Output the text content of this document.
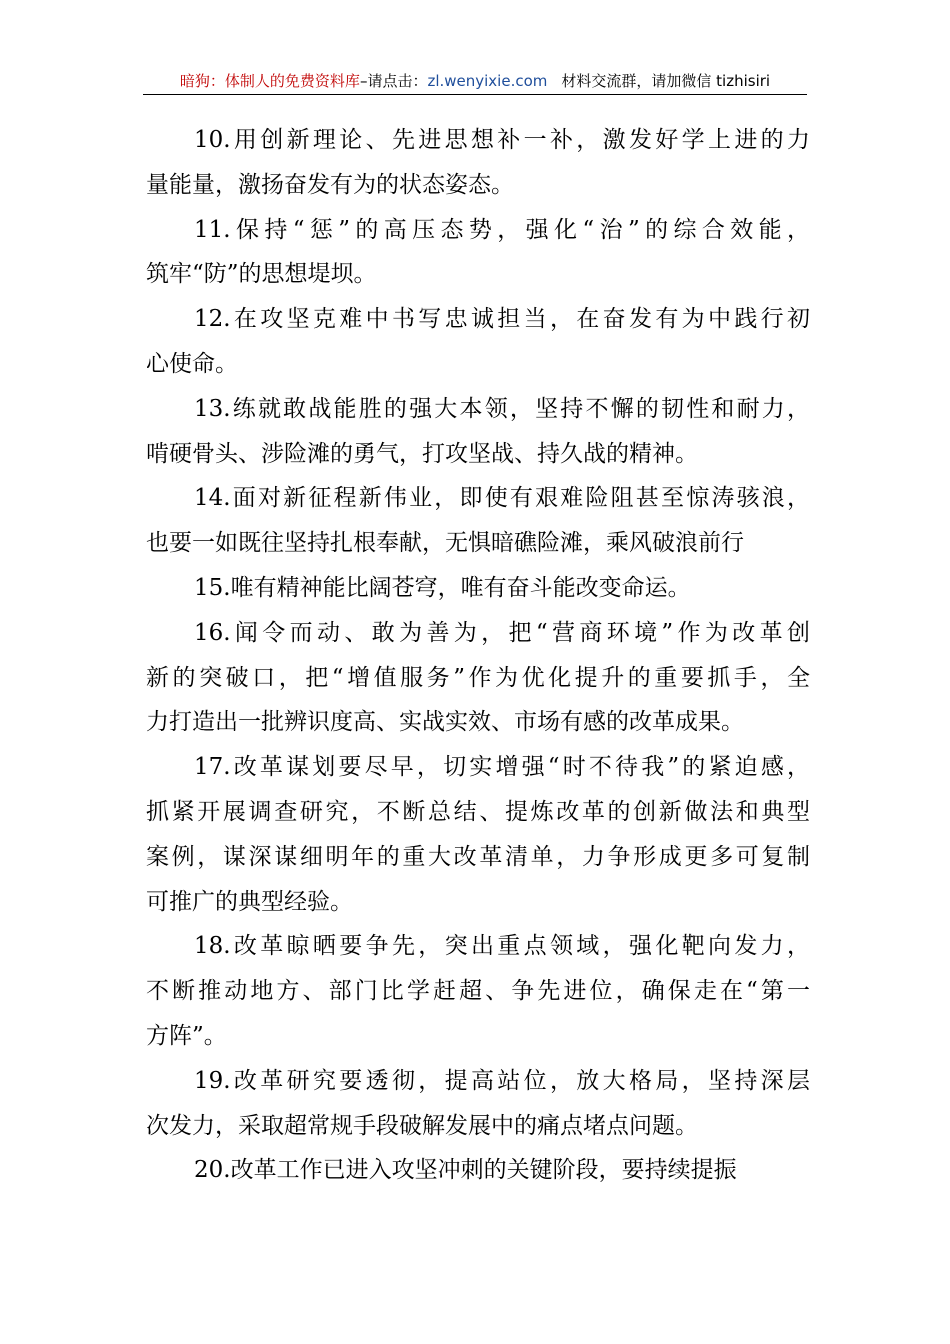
暗狗：体制人的免费资料库–请点击：zl.wenyixie.com 材料交流群，请加微信 tizhisiri
10.用创新理论、先进思想补一补，激发好学上进的力
量能量，激扬奋发有为的状态姿态。
11.保持“惩”的高压态势，强化“治”的综合效能，
筑牢“防”的思想堤坝。
12.在攻坚克难中书写忠诚担当，在奋发有为中践行初
心使命。
13.练就敢战能胜的强大本领，坚持不懈的韧性和耐力，
啃硬骨头、涉险滩的勇气，打攻坚战、持久战的精神。
14.面对新征程新伟业，即使有艰难险阻甚至惊涛骇浪，
也要一如既往坚持扎根奉献，无惧暗礁险滩，乘风破浪前行
15.唯有精神能比阔苍穹，唯有奋斗能改变命运。
16.闻令而动、敢为善为，把“营商环境”作为改革创
新的突破口，把“增值服务”作为优化提升的重要抓手，全
力打造出一批辨识度高、实战实效、市场有感的改革成果。
17.改革谋划要尽早，切实增强“时不待我”的紧迫感，
抓紧开展调查研究，不断总结、提炼改革的创新做法和典型
案例，谋深谋细明年的重大改革清单，力争形成更多可复制
可推广的典型经验。
18.改革晾晒要争先，突出重点领域，强化靶向发力，
不断推动地方、部门比学赶超、争先进位，确保走在“第一
方阵”。
19.改革研究要透彻，提高站位，放大格局，坚持深层
次发力，采取超常规手段破解发展中的痛点堵点问题。
20.改革工作已进入攻坚冲刺的关键阶段，要持续提振
